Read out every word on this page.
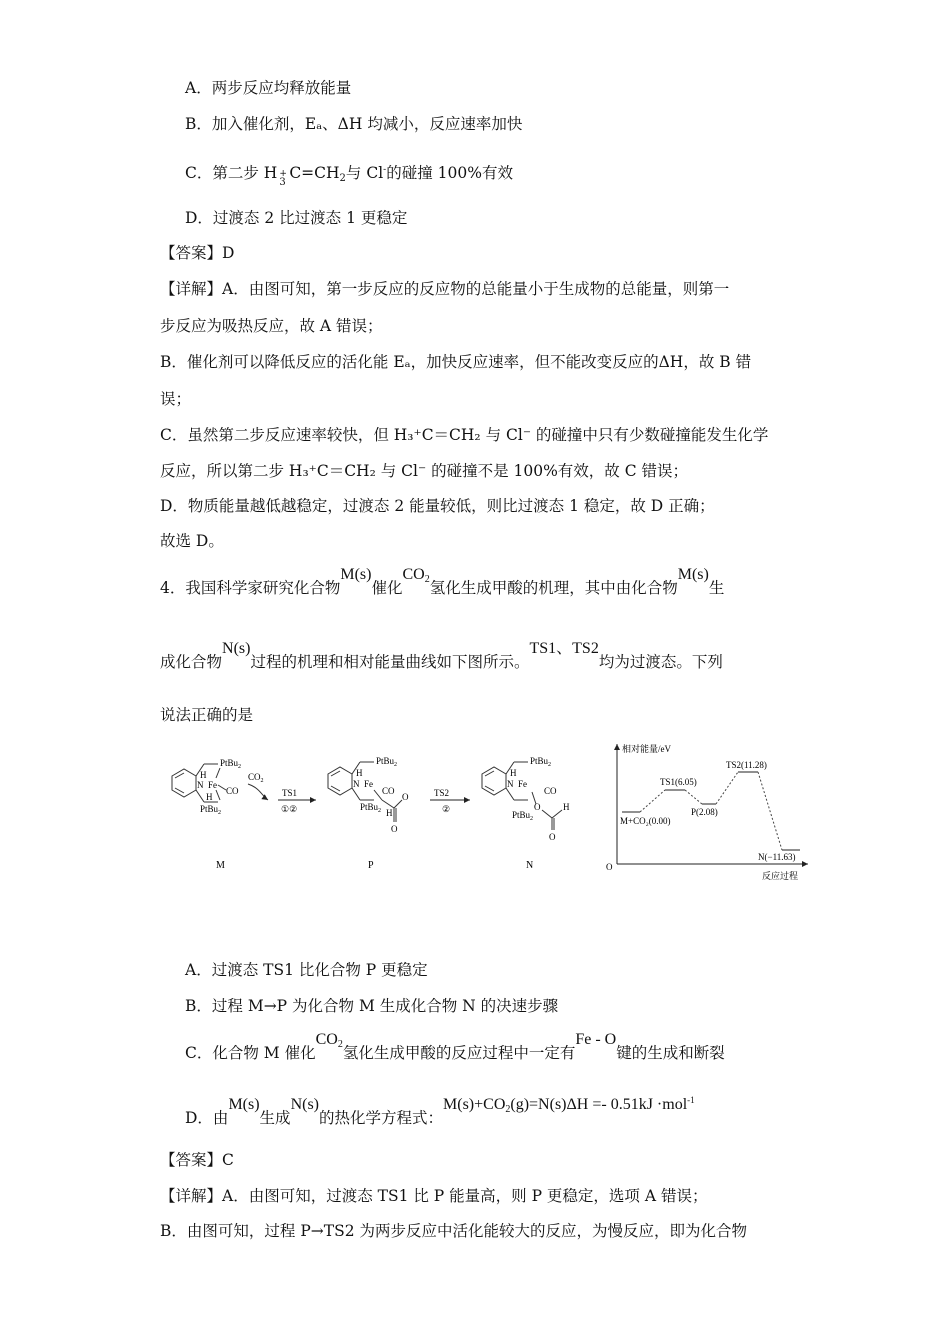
A．两步反应均释放能量
B．加入催化剂，Eₐ、ΔH 均减小，反应速率加快
C．第二步 H +
3
$C=CH_2$与 Cl-的碰撞 100%有效
D．过渡态 2 比过渡态 1 更稳定
【答案】D
【详解】A．由图可知，第一步反应的反应物的总能量小于生成物的总能量，则第一
步反应为吸热反应，故 A 错误；
B．催化剂可以降低反应的活化能 Eₐ，加快反应速率，但不能改变反应的ΔH，故 B 错
误；
C．虽然第二步反应速率较快，但 H₃⁺C＝CH₂ 与 Cl⁻ 的碰撞中只有少数碰撞能发生化学
反应，所以第二步 H₃⁺C＝CH₂ 与 Cl⁻ 的碰撞不是 100%有效，故 C 错误；
D．物质能量越低越稳定，过渡态 2 能量较低，则比过渡态 1 稳定，故 D 正确；
故选 D。
4．我国科学家研究化合物M(s)催化$CO_2$氢化生成甲酸的机理，其中由化合物M(s)生
成化合物N(s)过程的机理和相对能量曲线如下图所示。TS1、TS2均为过渡态。下列
说法正确的是
PtBu$_2$
H
N Fe
CO
H
PtBu$_2$
$CO_2$
M
TS1
①②
PtBu$_2$
H
N Fe
CO
PtBu$_2$ H
O
O
P
TS2
②
PtBu$_2$
H
N Fe
CO
O
PtBu$_2$
H
O
N
相对能量/eV
反应过程
O
M+CO₂(0.00)
TS1(6.05)
P(2.08)
TS2(11.28)
N(−11.63)
A．过渡态 TS1 比化合物 P 更稳定
B．过程 M→P 为化合物 M 生成化合物 N 的决速步骤
C．化合物 M 催化$CO_2$氢化生成甲酸的反应过程中一定有Fe - O键的生成和断裂
D．由M(s)生成N(s)的热化学方程式：$M(s)+CO_2(g)=N(s)\Delta H =- 0.51kJ \cdot mol^{-1}$
【答案】C
【详解】A．由图可知，过渡态 TS1 比 P 能量高，则 P 更稳定，选项 A 错误；
B．由图可知，过程 P→TS2 为两步反应中活化能较大的反应，为慢反应，即为化合物
